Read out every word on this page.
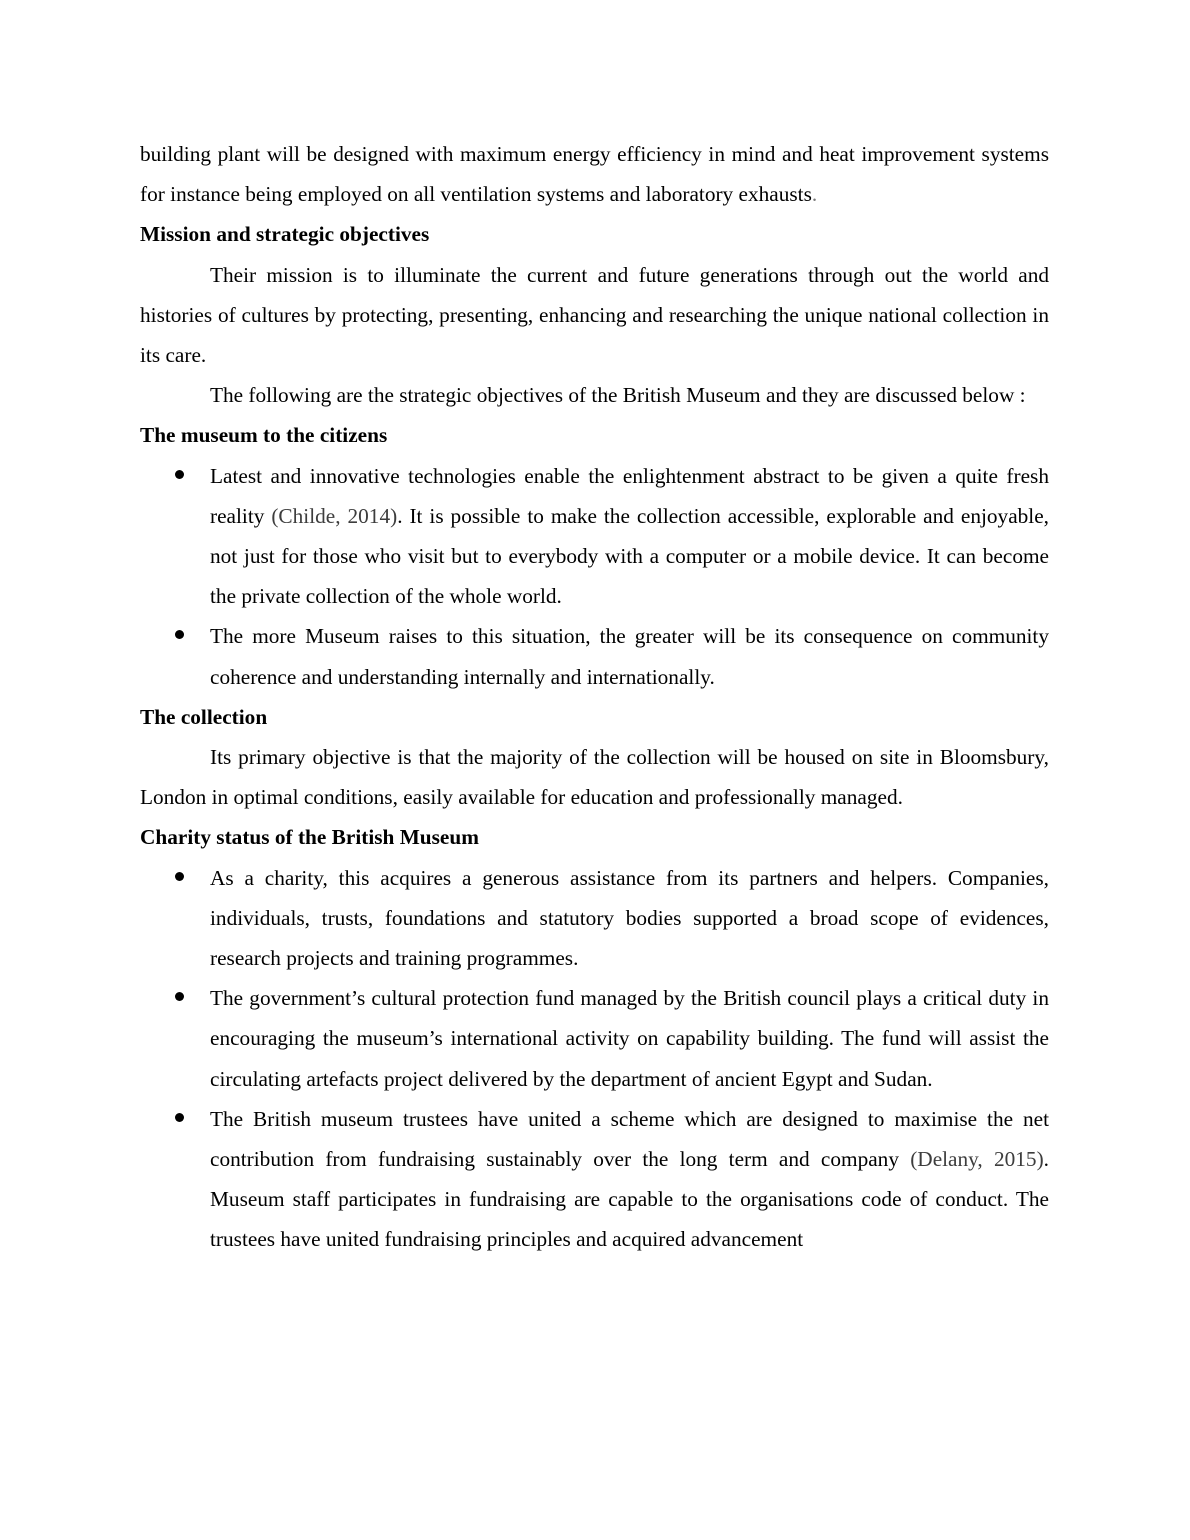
building plant will be designed with maximum energy efficiency in mind and heat improvement systems for instance being employed on all ventilation systems and laboratory exhausts.

Mission and strategic objectives

Their mission is to illuminate the current and future generations through out the world and histories of cultures by protecting, presenting, enhancing and researching the unique national collection in its care.

The following are the strategic objectives of the British Museum and they are discussed below :

The museum to the citizens
Latest and innovative technologies enable the enlightenment abstract to be given a quite fresh reality (Childe, 2014). It is possible to make the collection accessible, explorable and enjoyable, not just for those who visit but to everybody with a computer or a mobile device. It can become the private collection of the whole world.
The more Museum raises to this situation, the greater will be its consequence on community coherence and understanding internally and internationally.
The collection

Its primary objective is that the majority of the collection will be housed on site in Bloomsbury, London in optimal conditions, easily available for education and professionally managed.

Charity status of the British Museum
As a charity, this acquires a generous assistance from its partners and helpers. Companies, individuals, trusts, foundations and statutory bodies supported a broad scope of evidences, research projects and training programmes.
The government’s cultural protection fund managed by the British council plays a critical duty in encouraging the museum’s international activity on capability building. The fund will assist the circulating artefacts project delivered by the department of ancient Egypt and Sudan.
The British museum trustees have united a scheme which are designed to maximise the net contribution from fundraising sustainably over the long term and company (Delany, 2015). Museum staff participates in fundraising are capable to the organisations code of conduct. The trustees have united fundraising principles and acquired advancement
